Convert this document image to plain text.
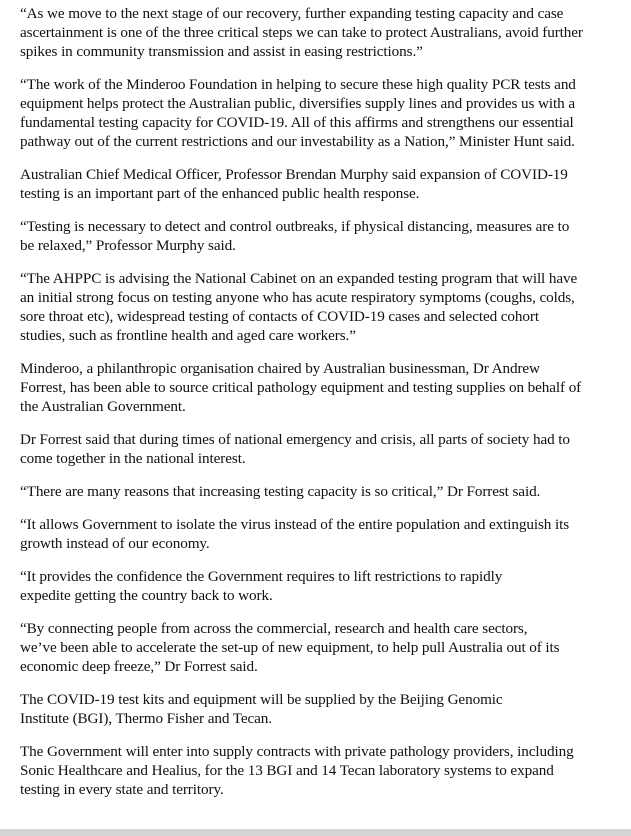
“As we move to the next stage of our recovery, further expanding testing capacity and case
ascertainment is one of the three critical steps we can take to protect Australians, avoid further
spikes in community transmission and assist in easing restrictions.”

“The work of the Minderoo Foundation in helping to secure these high quality PCR tests and
equipment helps protect the Australian public, diversifies supply lines and provides us with a
fundamental testing capacity for COVID-19. All of this affirms and strengthens our essential
pathway out of the current restrictions and our investability as a Nation,” Minister Hunt said.

Australian Chief Medical Officer, Professor Brendan Murphy said expansion of COVID-19
testing is an important part of the enhanced public health response.

“Testing is necessary to detect and control outbreaks, if physical distancing, measures are to
be relaxed,” Professor Murphy said.

“The AHPPC is advising the National Cabinet on an expanded testing program that will have
an initial strong focus on testing anyone who has acute respiratory symptoms (coughs, colds,
sore throat etc), widespread testing of contacts of COVID-19 cases and selected cohort
studies, such as frontline health and aged care workers.”

Minderoo, a philanthropic organisation chaired by Australian businessman, Dr Andrew
Forrest, has been able to source critical pathology equipment and testing supplies on behalf of
the Australian Government.

Dr Forrest said that during times of national emergency and crisis, all parts of society had to
come together in the national interest.

“There are many reasons that increasing testing capacity is so critical,” Dr Forrest said.

“It allows Government to isolate the virus instead of the entire population and extinguish its
growth instead of our economy.

“It provides the confidence the Government requires to lift restrictions to rapidly
expedite getting the country back to work.

“By connecting people from across the commercial, research and health care sectors,
we’ve been able to accelerate the set-up of new equipment, to help pull Australia out of its
economic deep freeze,” Dr Forrest said.

The COVID-19 test kits and equipment will be supplied by the Beijing Genomic
Institute (BGI), Thermo Fisher and Tecan.

The Government will enter into supply contracts with private pathology providers, including
Sonic Healthcare and Healius, for the 13 BGI and 14 Tecan laboratory systems to expand
testing in every state and territory.
